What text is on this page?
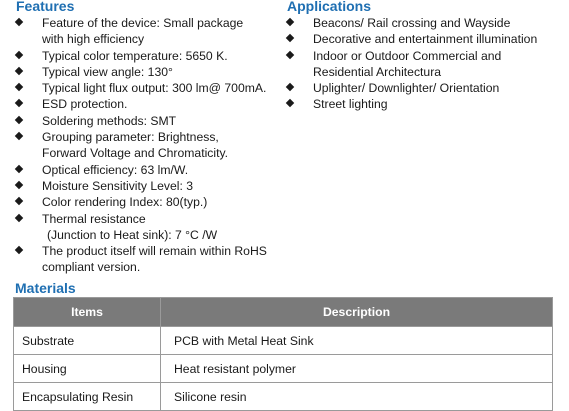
Features
Feature of the device: Small package
with high efficiency
Typical color temperature: 5650 K.
Typical view angle: 130°
Typical light flux output: 300 lm@ 700mA.
ESD protection.
Soldering methods: SMT
Grouping parameter: Brightness,
Forward Voltage and Chromaticity.
Optical efficiency: 63 lm/W.
Moisture Sensitivity Level: 3
Color rendering Index: 80(typ.)
Thermal resistance
(Junction to Heat sink): 7 °C /W
The product itself will remain within RoHS
compliant version.
Applications
Beacons/ Rail crossing and Wayside
Decorative and entertainment illumination
Indoor or Outdoor Commercial and
Residential Architectura
Uplighter/ Downlighter/ Orientation
Street lighting
Materials
Items	Description
Substrate	PCB with Metal Heat Sink
Housing	Heat resistant polymer
Encapsulating Resin	Silicone resin
